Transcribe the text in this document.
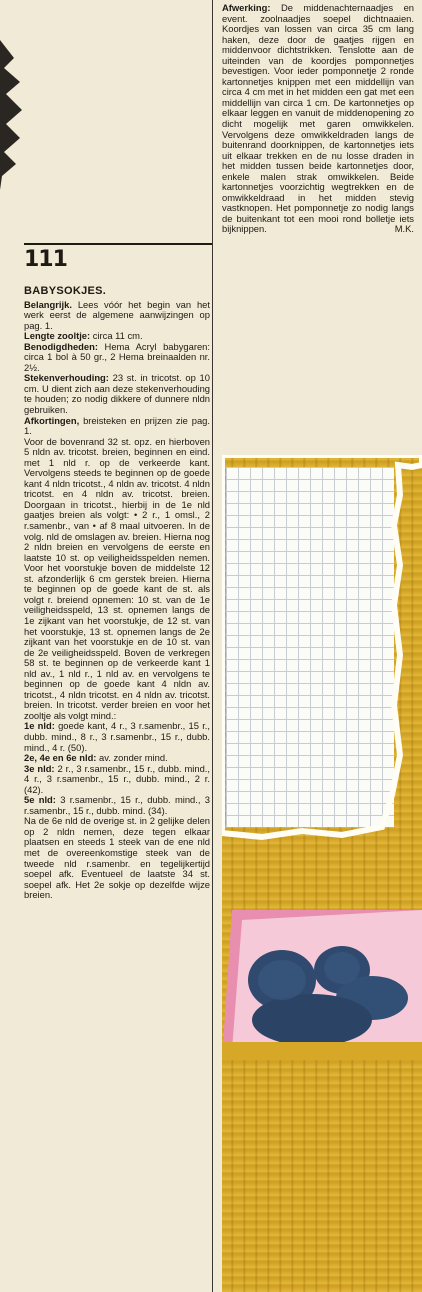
111
BABYSOKJES.

Belangrijk. Lees vóór het begin van het werk eerst de algemene aanwijzingen op pag. 1.

Lengte zooltje: circa 11 cm.

Benodigdheden: Hema Acryl babygaren: circa 1 bol à 50 gr., 2 Hema breinaalden nr. 2½.

Stekenverhouding: 23 st. in tricotst. op 10 cm. U dient zich aan deze stekenverhouding te houden; zo nodig dikkere of dunnere nldn gebruiken.

Afkortingen, breisteken en prijzen zie pag. 1.

Voor de bovenrand 32 st. opz. en hierboven 5 nldn av. tricotst. breien, beginnen en eind. met 1 nld r. op de verkeerde kant. Vervolgens steeds te beginnen op de goede kant 4 nldn tricotst., 4 nldn av. tricotst. 4 nldn tricotst. en 4 nldn av. tricotst. breien. Doorgaan in tricotst., hierbij in de 1e nld gaatjes breien als volgt: • 2 r., 1 omsl., 2 r.samenbr., van • af 8 maal uitvoeren. In de volg. nld de omslagen av. breien. Hierna nog 2 nldn breien en vervolgens de eerste en laatste 10 st. op veiligheidsspelden nemen. Voor het voorstukje boven de middelste 12 st. afzonderlijk 6 cm gerstek breien. Hierna te beginnen op de goede kant de st. als volgt r. breiend opnemen: 10 st. van de 1e veiligheidsspeld, 13 st. opnemen langs de 1e zijkant van het voorstukje, de 12 st. van het voorstukje, 13 st. opnemen langs de 2e zijkant van het voorstukje en de 10 st. van de 2e veiligheidsspeld. Boven de verkregen 58 st. te beginnen op de verkeerde kant 1 nld av., 1 nld r., 1 nld av. en vervolgens te beginnen op de goede kant 4 nldn av. tricotst., 4 nldn tricotst. en 4 nldn av. tricotst. breien. In tricotst. verder breien en voor het zooltje als volgt mind.:

1e nld: goede kant, 4 r., 3 r.samenbr., 15 r., dubb. mind., 8 r., 3 r.samenbr., 15 r., dubb. mind., 4 r. (50).

2e, 4e en 6e nld: av. zonder mind.

3e nld: 2 r., 3 r.samenbr., 15 r., dubb. mind., 4 r., 3 r.samenbr., 15 r., dubb. mind., 2 r. (42).

5e nld: 3 r.samenbr., 15 r., dubb. mind., 3 r.samenbr., 15 r., dubb. mind. (34).

Na de 6e nld de overige st. in 2 gelijke delen op 2 nldn nemen, deze tegen elkaar plaatsen en steeds 1 steek van de ene nld met de overeenkomstige steek van de tweede nld r.samenbr. en tegelijkertijd soepel afk. Eventueel de laatste 34 st. soepel afk. Het 2e sokje op dezelfde wijze breien.

Afwerking: De middenachternaadjes en event. zoolnaadjes soepel dichtnaaien. Koordjes van lossen van circa 35 cm lang haken, deze door de gaatjes rijgen en middenvoor dichtstrikken. Tenslotte aan de uiteinden van de koordjes pomponnetjes bevestigen. Voor ieder pomponnetje 2 ronde kartonnetjes knippen met een middellijn van circa 4 cm met in het midden een gat met een middellijn van circa 1 cm. De kartonnetjes op elkaar leggen en vanuit de middenopening zo dicht mogelijk met garen omwikkelen. Vervolgens deze omwikkeldraden langs de buitenrand doorknippen, de kartonnetjes iets uit elkaar trekken en de nu losse draden in het midden tussen beide kartonnetjes door, enkele malen strak omwikkelen. Beide kartonnetjes voorzichtig wegtrekken en de omwikkeldraad in het midden stevig vastknopen. Het pomponnetje zo nodig langs de buitenkant tot een mooi rond bolletje iets bijknippen.	M.K.
